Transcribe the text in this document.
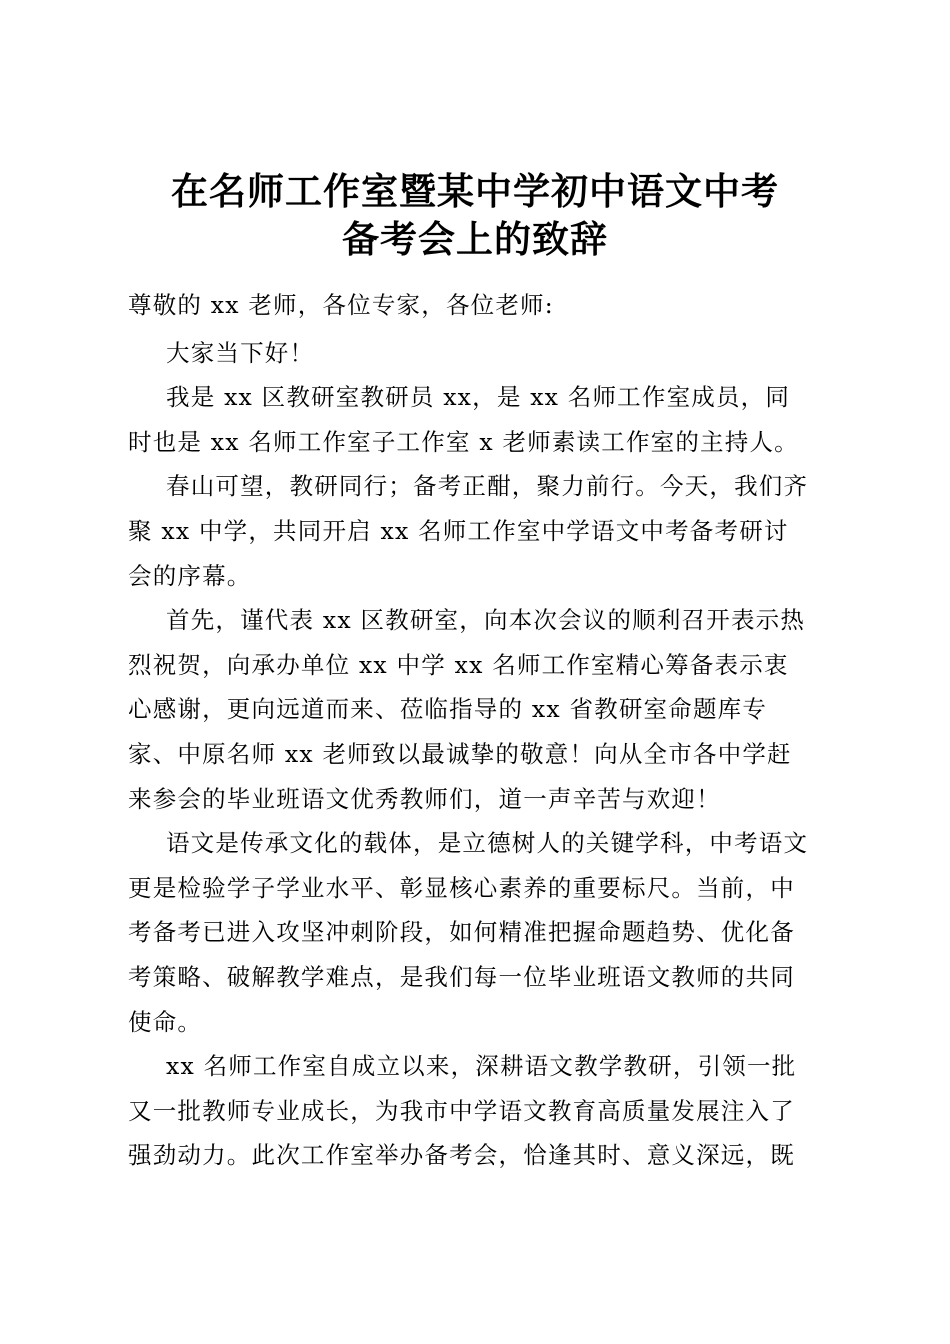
在名师工作室暨某中学初中语文中考
备考会上的致辞
尊敬的 xx 老师，各位专家，各位老师:
大家当下好！
我是 xx 区教研室教研员 xx，是 xx 名师工作室成员，同
时也是 xx 名师工作室子工作室 x 老师素读工作室的主持人。
春山可望，教研同行；备考正酣，聚力前行。今天，我们齐
聚 xx 中学，共同开启 xx 名师工作室中学语文中考备考研讨
会的序幕。
首先，谨代表 xx 区教研室，向本次会议的顺利召开表示热
烈祝贺，向承办单位 xx 中学 xx 名师工作室精心筹备表示衷
心感谢，更向远道而来、莅临指导的 xx 省教研室命题库专
家、中原名师 xx 老师致以最诚挚的敬意！向从全市各中学赶
来参会的毕业班语文优秀教师们，道一声辛苦与欢迎！
语文是传承文化的载体，是立德树人的关键学科，中考语文
更是检验学子学业水平、彰显核心素养的重要标尺。当前，中
考备考已进入攻坚冲刺阶段，如何精准把握命题趋势、优化备
考策略、破解教学难点，是我们每一位毕业班语文教师的共同
使命。
xx 名师工作室自成立以来，深耕语文教学教研，引领一批
又一批教师专业成长，为我市中学语文教育高质量发展注入了
强劲动力。此次工作室举办备考会，恰逢其时、意义深远，既
